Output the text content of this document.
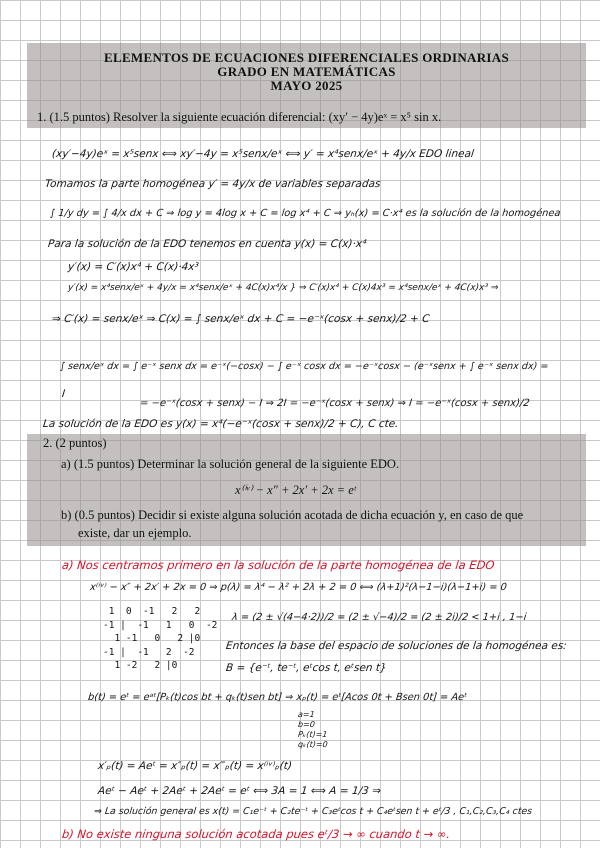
ELEMENTOS DE ECUACIONES DIFERENCIALES ORDINARIAS
GRADO EN MATEMÁTICAS
MAYO 2025
1. (1.5 puntos) Resolver la siguiente ecuación diferencial: (xy′ − 4y)eˣ = x⁵ sin x.
(xy′−4y)eˣ = x⁵senx ⟺ xy′−4y = x⁵senx/eˣ ⟺ y′ = x⁴senx/eˣ + 4y/x EDO lineal
Tomamos la parte homogénea y′ = 4y/x de variables separadas
∫ 1/y dy = ∫ 4/x dx + C ⇒ log y = 4log x + C = log x⁴ + C ⇒ yₕ(x) = C·x⁴ es la solución de la homogénea
Para la solución de la EDO tenemos en cuenta y(x) = C(x)·x⁴
y′(x) = C′(x)x⁴ + C(x)·4x³
y′(x) = x⁴senx/eˣ + 4y/x = x⁴senx/eˣ + 4C(x)x⁴/x } ⇒ C′(x)x⁴ + C(x)4x³ = x⁴senx/eˣ + 4C(x)x³ ⇒
⇒ C′(x) = senx/eˣ ⇒ C(x) = ∫ senx/eˣ dx + C = −e⁻ˣ(cosx + senx)/2 + C
∫ senx/eˣ dx = ∫ e⁻ˣ senx dx = e⁻ˣ(−cosx) − ∫ e⁻ˣ cosx dx = −e⁻ˣcosx − (e⁻ˣsenx + ∫ e⁻ˣ senx dx) =
I
= −e⁻ˣ(cosx + senx) − I ⇒ 2I = −e⁻ˣ(cosx + senx) ⇒ I = −e⁻ˣ(cosx + senx)/2
La solución de la EDO es y(x) = x⁴(−e⁻ˣ(cosx + senx)/2 + C), C cte.
2. (2 puntos)
a) (1.5 puntos) Determinar la solución general de la siguiente EDO.
x⁽ⁱᵛ⁾ − x″ + 2x′ + 2x = eᵗ
b) (0.5 puntos) Decidir si existe alguna solución acotada de dicha ecuación y, en caso de que
existe, dar un ejemplo.
a) Nos centramos primero en la solución de la parte homogénea de la EDO
x⁽ⁱᵛ⁾ − x″ + 2x′ + 2x = 0 ⇒ p(λ) = λ⁴ − λ² + 2λ + 2 = 0 ⟺ (λ+1)²(λ−1−i)(λ−1+i) = 0
1  0  -1   2   2
-1 |  -1   1   0  -2
1 -1   0   2 |0
-1 |  -1   2  -2
1 -2   2 |0
λ = (2 ± √(4−4·2))/2 = (2 ± √−4)/2 = (2 ± 2i)/2 < 1+i , 1−i
Entonces la base del espacio de soluciones de la homogénea es:
B = {e⁻ᵗ, te⁻ᵗ, eᵗcos t, eᵗsen t}
b(t) = eᵗ = eᵃᵗ[Pₖ(t)cos bt + qₖ(t)sen bt] ⇒ xₚ(t) = eᵗ[Acos 0t + Bsen 0t] = Aeᵗ
a=1
b=0
Pₖ(t)=1
qₖ(t)=0
x′ₚ(t) = Aeᵗ = x″ₚ(t) = x‴ₚ(t) = x⁽ⁱᵛ⁾ₚ(t)
Aeᵗ − Aeᵗ + 2Aeᵗ + 2Aeᵗ = eᵗ ⟺ 3A = 1 ⟺ A = 1/3 ⇒
⇒ La solución general es x(t) = C₁e⁻ᵗ + C₂te⁻ᵗ + C₃eᵗcos t + C₄eᵗsen t + eᵗ/3 , C₁,C₂,C₃,C₄ ctes
b) No existe ninguna solución acotada pues eᵗ/3 → ∞ cuando t → ∞.
